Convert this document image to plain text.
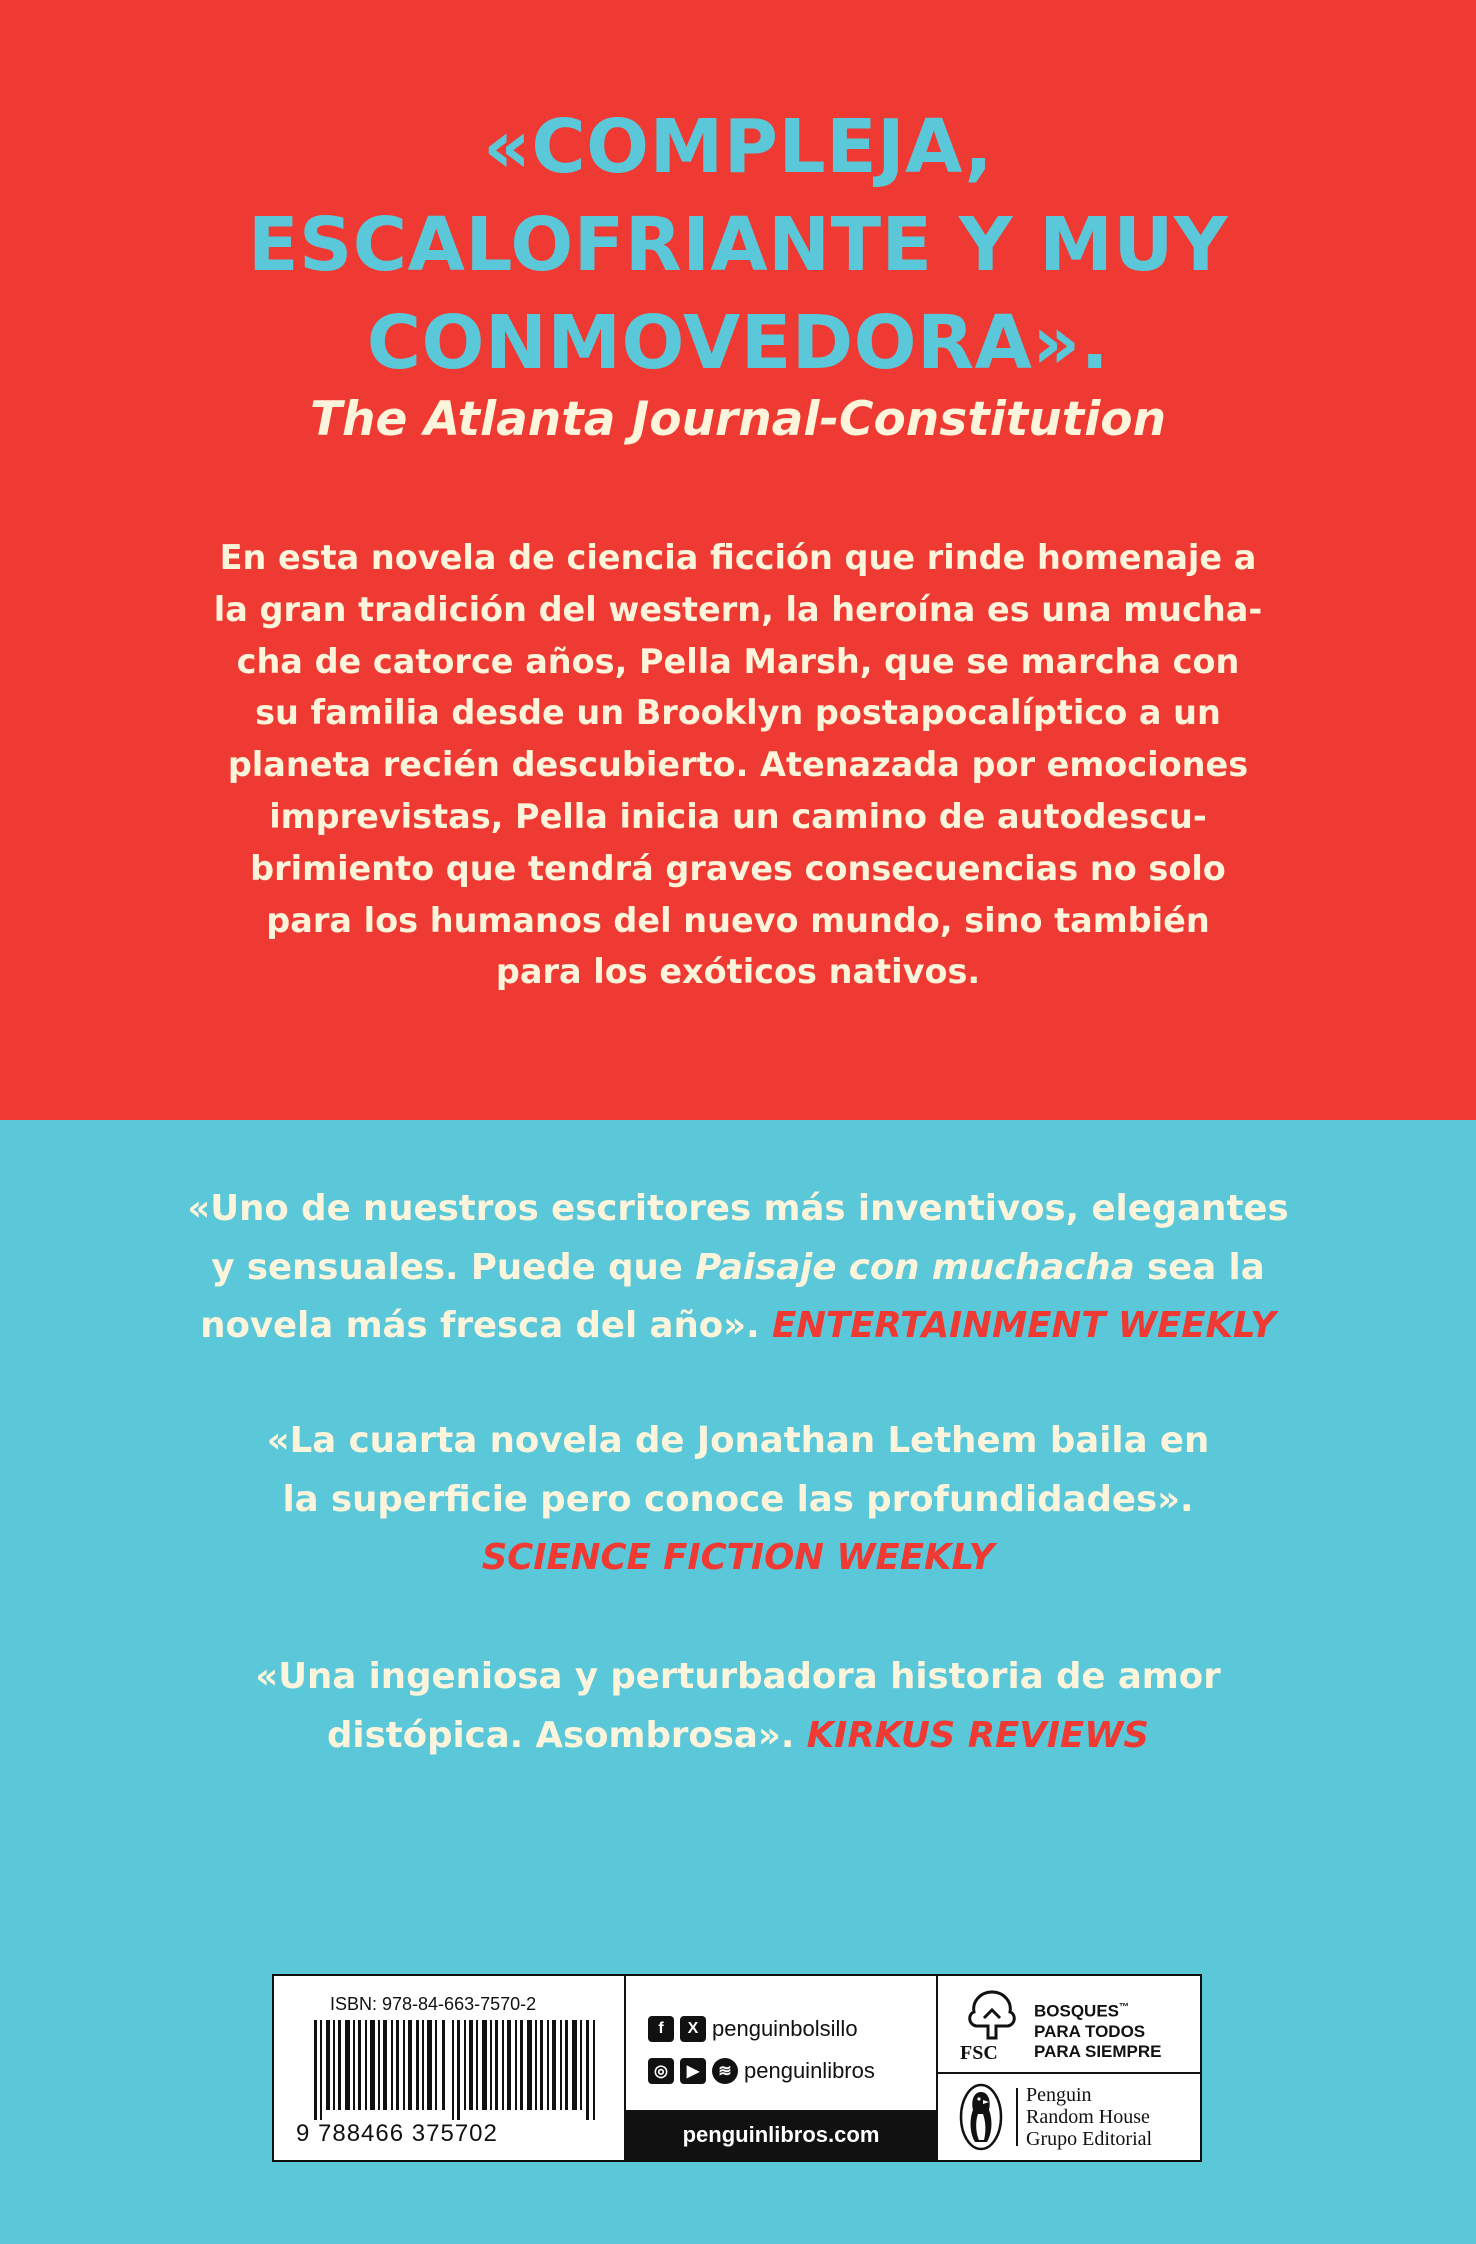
«COMPLEJA,
ESCALOFRIANTE Y MUY
CONMOVEDORA».
The Atlanta Journal-Constitution
En esta novela de ciencia ficción que rinde homenaje a
la gran tradición del western, la heroína es una mucha-
cha de catorce años, Pella Marsh, que se marcha con
su familia desde un Brooklyn postapocalíptico a un
planeta recién descubierto. Atenazada por emociones
imprevistas, Pella inicia un camino de autodescu-
brimiento que tendrá graves consecuencias no solo
para los humanos del nuevo mundo, sino también
para los exóticos nativos.
«Uno de nuestros escritores más inventivos, elegantes
y sensuales. Puede que Paisaje con muchacha sea la
novela más fresca del año». ENTERTAINMENT WEEKLY
«La cuarta novela de Jonathan Lethem baila en
la superficie pero conoce las profundidades».
SCIENCE FICTION WEEKLY
«Una ingeniosa y perturbadora historia de amor
distópica. Asombrosa». KIRKUS REVIEWS
ISBN: 978-84-663-7570-2
9 788466 375702
f	X penguinbolsillo
◎	▶	≋ penguinlibros
penguinlibros.com
FSC
BOSQUES™
PARA TODOS
PARA SIEMPRE
Penguin
Random House
Grupo Editorial
